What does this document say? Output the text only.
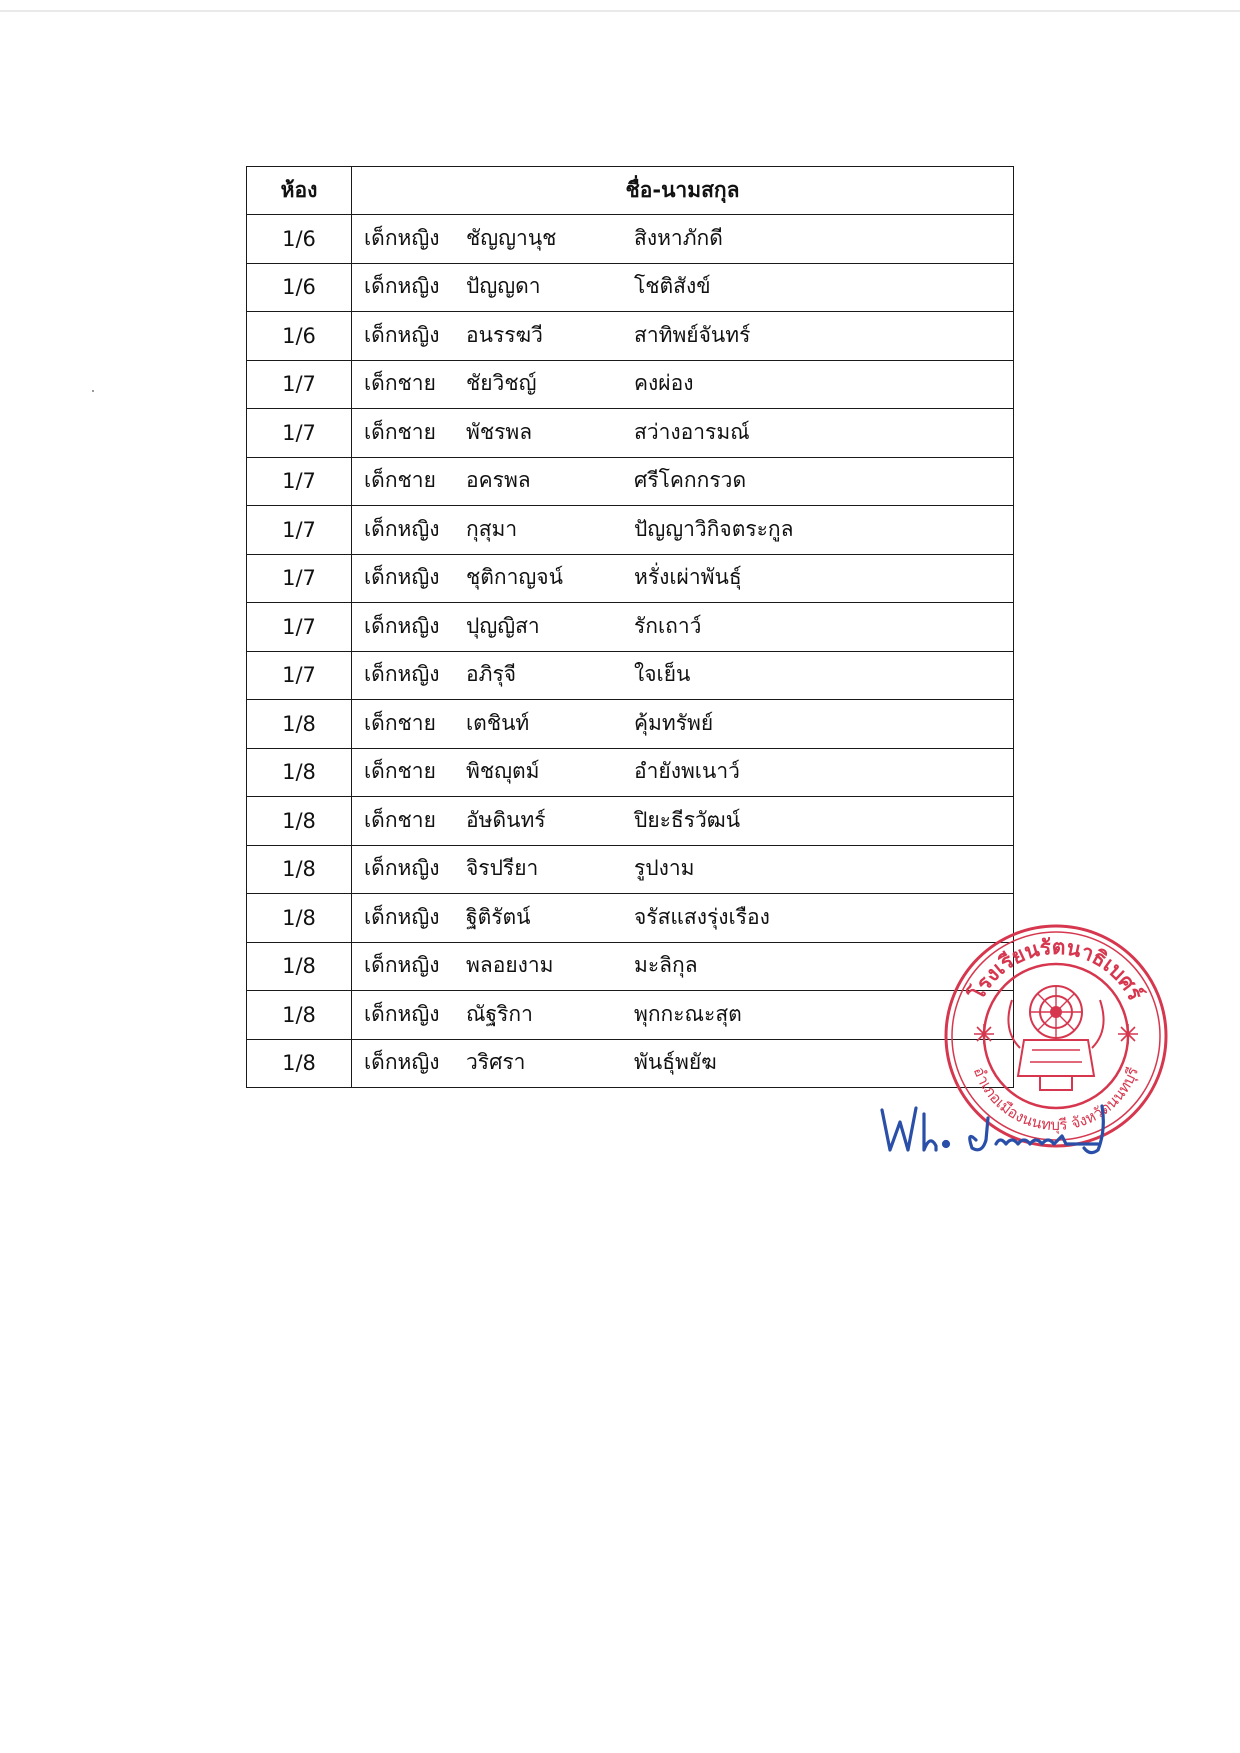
ห้อง	ชื่อ-นามสกุล
1/6	เด็กหญิง ชัญญานุช สิงหาภักดี

1/6	เด็กหญิง ปัญญดา โชติสังข์

1/6	เด็กหญิง อนรรฆวี สาทิพย์จันทร์

1/7	เด็กชาย ชัยวิชญ์ คงผ่อง

1/7	เด็กชาย พัชรพล สว่างอารมณ์

1/7	เด็กชาย อครพล ศรีโคกกรวด

1/7	เด็กหญิง กุสุมา ปัญญาวิกิจตระกูล

1/7	เด็กหญิง ชุติกาญจน์ หรั่งเผ่าพันธุ์

1/7	เด็กหญิง ปุญญิสา รักเถาว์

1/7	เด็กหญิง อภิรุจี ใจเย็น

1/8	เด็กชาย เตชินท์ คุ้มทรัพย์

1/8	เด็กชาย พิชญุตม์ อำยังพเนาว์

1/8	เด็กชาย อัษดินทร์ ปิยะธีรวัฒน์

1/8	เด็กหญิง จิรปรียา รูปงาม

1/8	เด็กหญิง ฐิติรัตน์ จรัสแสงรุ่งเรือง

1/8	เด็กหญิง พลอยงาม มะลิกุล

1/8	เด็กหญิง ณัฐริกา พุกกะณะสุต

1/8	เด็กหญิง วริศรา พันธุ์พยัฆ
โรงเรียนรัตนาธิเบศร์
อำเภอเมืองนนทบุรี จังหวัดนนทบุรี
